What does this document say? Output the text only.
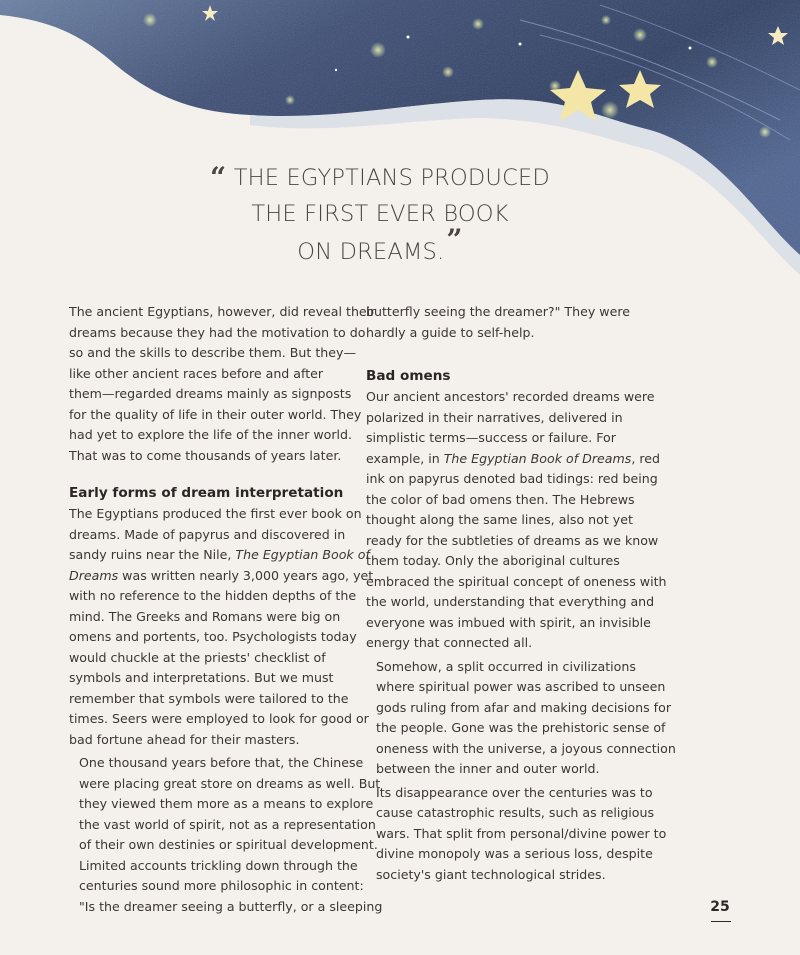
“ THE EGYPTIANS PRODUCED
THE FIRST EVER BOOK
ON DREAMS.”

The ancient Egyptians, however, did reveal their
dreams because they had the motivation to do
so and the skills to describe them. But they—
like other ancient races before and after
them—regarded dreams mainly as signposts
for the quality of life in their outer world. They
had yet to explore the life of the inner world.
That was to come thousands of years later.

Early forms of dream interpretation

The Egyptians produced the first ever book on
dreams. Made of papyrus and discovered in
sandy ruins near the Nile, The Egyptian Book of
Dreams was written nearly 3,000 years ago, yet
with no reference to the hidden depths of the
mind. The Greeks and Romans were big on
omens and portents, too. Psychologists today
would chuckle at the priests' checklist of
symbols and interpretations. But we must
remember that symbols were tailored to the
times. Seers were employed to look for good or
bad fortune ahead for their masters.

One thousand years before that, the Chinese
were placing great store on dreams as well. But
they viewed them more as a means to explore
the vast world of spirit, not as a representation
of their own destinies or spiritual development.
Limited accounts trickling down through the
centuries sound more philosophic in content:
"Is the dreamer seeing a butterfly, or a sleeping

butterfly seeing the dreamer?" They were
hardly a guide to self-help.

Bad omens

Our ancient ancestors' recorded dreams were
polarized in their narratives, delivered in
simplistic terms—success or failure. For
example, in The Egyptian Book of Dreams, red
ink on papyrus denoted bad tidings: red being
the color of bad omens then. The Hebrews
thought along the same lines, also not yet
ready for the subtleties of dreams as we know
them today. Only the aboriginal cultures
embraced the spiritual concept of oneness with
the world, understanding that everything and
everyone was imbued with spirit, an invisible
energy that connected all.

Somehow, a split occurred in civilizations
where spiritual power was ascribed to unseen
gods ruling from afar and making decisions for
the people. Gone was the prehistoric sense of
oneness with the universe, a joyous connection
between the inner and outer world.

Its disappearance over the centuries was to
cause catastrophic results, such as religious
wars. That split from personal/divine power to
divine monopoly was a serious loss, despite
society's giant technological strides.

25
